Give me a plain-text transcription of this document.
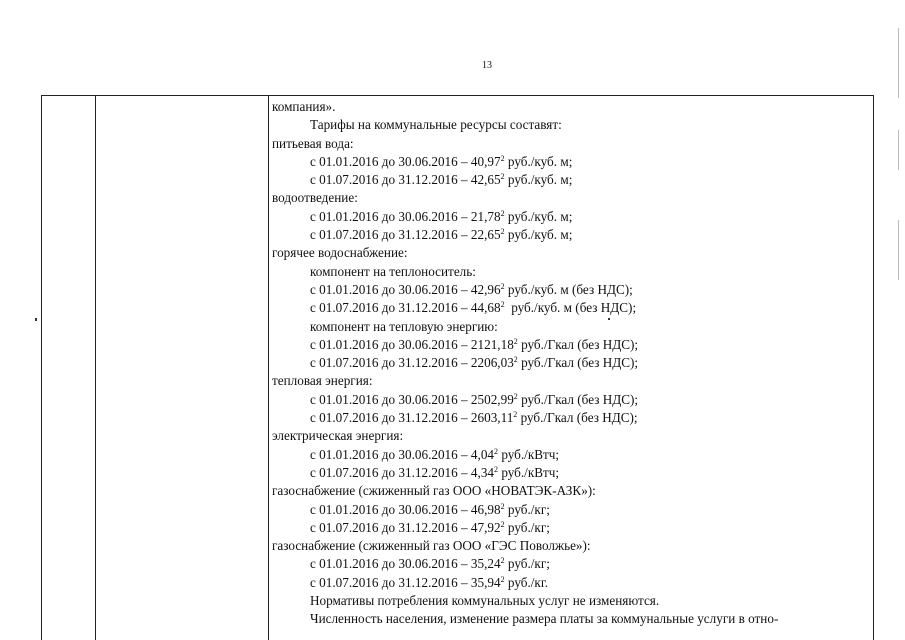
13
компания».
Тарифы на коммунальные ресурсы составят:
питьевая вода:
с 01.01.2016 до 30.06.2016 – 40,97$^2$ руб./куб. м;
с 01.07.2016 до 31.12.2016 – 42,65$^2$ руб./куб. м;
водоотведение:
с 01.01.2016 до 30.06.2016 – 21,78$^2$ руб./куб. м;
с 01.07.2016 до 31.12.2016 – 22,65$^2$ руб./куб. м;
горячее водоснабжение:
компонент на теплоноситель:
с 01.01.2016 до 30.06.2016 – 42,96$^2$ руб./куб. м (без НДС);
с 01.07.2016 до 31.12.2016 – 44,68$^2$  руб./куб. м (без НДС);
компонент на тепловую энергию:
с 01.01.2016 до 30.06.2016 – 2121,18$^2$ руб./Гкал (без НДС);
с 01.07.2016 до 31.12.2016 – 2206,03$^2$ руб./Гкал (без НДС);
тепловая энергия:
с 01.01.2016 до 30.06.2016 – 2502,99$^2$ руб./Гкал (без НДС);
с 01.07.2016 до 31.12.2016 – 2603,11$^2$ руб./Гкал (без НДС);
электрическая энергия:
с 01.01.2016 до 30.06.2016 – 4,04$^2$ руб./кВтч;
с 01.07.2016 до 31.12.2016 – 4,34$^2$ руб./кВтч;
газоснабжение (сжиженный газ ООО «НОВАТЭК-АЗК»):
с 01.01.2016 до 30.06.2016 – 46,98$^2$ руб./кг;
с 01.07.2016 до 31.12.2016 – 47,92$^2$ руб./кг;
газоснабжение (сжиженный газ ООО «ГЭС Поволжье»):
с 01.01.2016 до 30.06.2016 – 35,24$^2$ руб./кг;
с 01.07.2016 до 31.12.2016 – 35,94$^2$ руб./кг.
Нормативы потребления коммунальных услуг не изменяются.
Численность населения, изменение размера платы за коммунальные услуги в отно-
